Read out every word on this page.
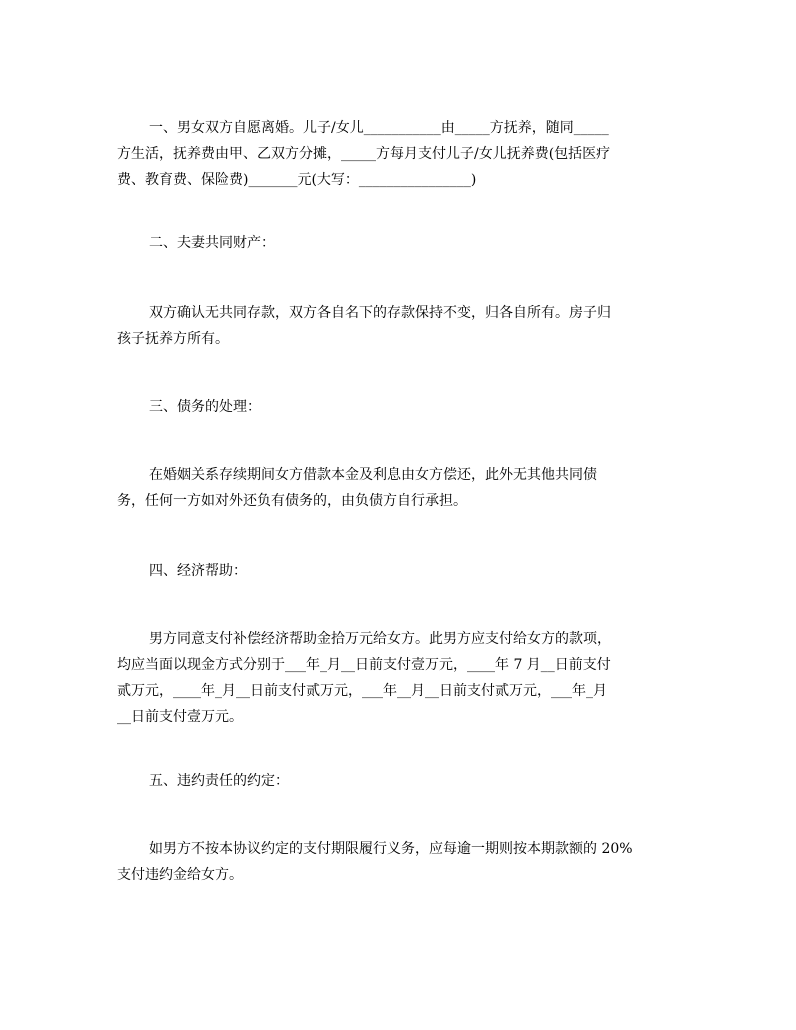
一、男女双方自愿离婚。儿子/女儿___________由_____方抚养，随同_____
方生活，抚养费由甲、乙双方分摊，_____方每月支付儿子/女儿抚养费(包括医疗
费、教育费、保险费)_______元(大写：________________)

二、夫妻共同财产：

双方确认无共同存款，双方各自名下的存款保持不变，归各自所有。房子归
孩子抚养方所有。

三、债务的处理：

在婚姻关系存续期间女方借款本金及利息由女方偿还，此外无其他共同债
务，任何一方如对外还负有债务的，由负债方自行承担。

四、经济帮助：

男方同意支付补偿经济帮助金拾万元给女方。此男方应支付给女方的款项，
均应当面以现金方式分别于___年_月__日前支付壹万元，____年 7 月__日前支付
贰万元，____年_月__日前支付贰万元，___年__月__日前支付贰万元，___年_月
__日前支付壹万元。

五、违约责任的约定：

如男方不按本协议约定的支付期限履行义务，应每逾一期则按本期款额的 20%
支付违约金给女方。
